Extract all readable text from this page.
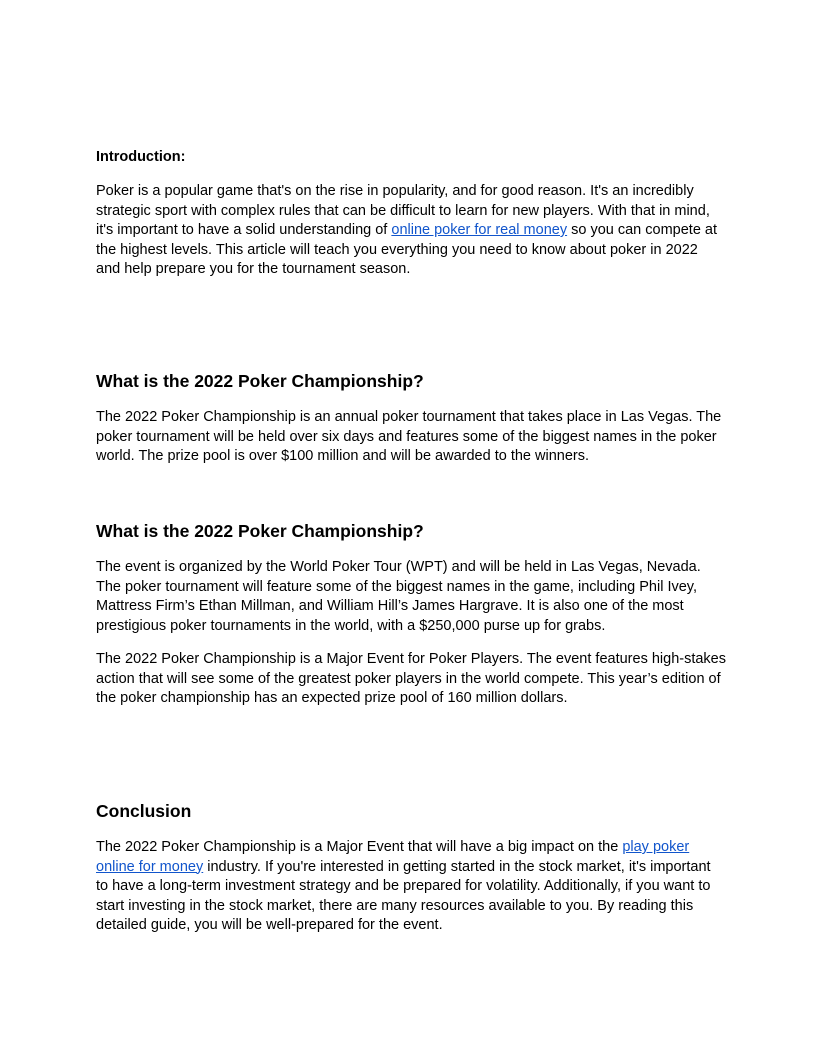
Introduction:

Poker is a popular game that's on the rise in popularity, and for good reason. It's an incredibly strategic sport with complex rules that can be difficult to learn for new players. With that in mind, it's important to have a solid understanding of online poker for real money so you can compete at the highest levels. This article will teach you everything you need to know about poker in 2022 and help prepare you for the tournament season.

What is the 2022 Poker Championship?

The 2022 Poker Championship is an annual poker tournament that takes place in Las Vegas. The poker tournament will be held over six days and features some of the biggest names in the poker world. The prize pool is over $100 million and will be awarded to the winners.

What is the 2022 Poker Championship?

The event is organized by the World Poker Tour (WPT) and will be held in Las Vegas, Nevada. The poker tournament will feature some of the biggest names in the game, including Phil Ivey, Mattress Firm’s Ethan Millman, and William Hill’s James Hargrave. It is also one of the most prestigious poker tournaments in the world, with a $250,000 purse up for grabs.

The 2022 Poker Championship is a Major Event for Poker Players. The event features high-stakes action that will see some of the greatest poker players in the world compete. This year’s edition of the poker championship has an expected prize pool of 160 million dollars.

Conclusion

The 2022 Poker Championship is a Major Event that will have a big impact on the play poker online for money industry. If you're interested in getting started in the stock market, it's important to have a long-term investment strategy and be prepared for volatility. Additionally, if you want to start investing in the stock market, there are many resources available to you. By reading this detailed guide, you will be well-prepared for the event.
